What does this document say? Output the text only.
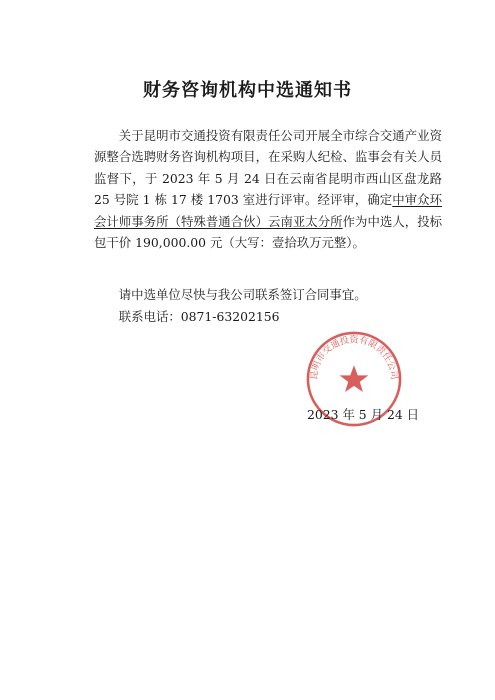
财务咨询机构中选通知书

关于昆明市交通投资有限责任公司开展全市综合交通产业资源整合选聘财务咨询机构项目，在采购人纪检、监事会有关人员监督下，于 2023 年 5 月 24 日在云南省昆明市西山区盘龙路 25 号院 1 栋 17 楼 1703 室进行评审。经评审，确定中审众环会计师事务所（特殊普通合伙）云南亚太分所作为中选人，投标包干价 190,000.00 元（大写：壹拾玖万元整）。

请中选单位尽快与我公司联系签订合同事宜。

联系电话：0871-63202156

昆明市交通投资有限责任公司
2023 年 5 月 24 日
